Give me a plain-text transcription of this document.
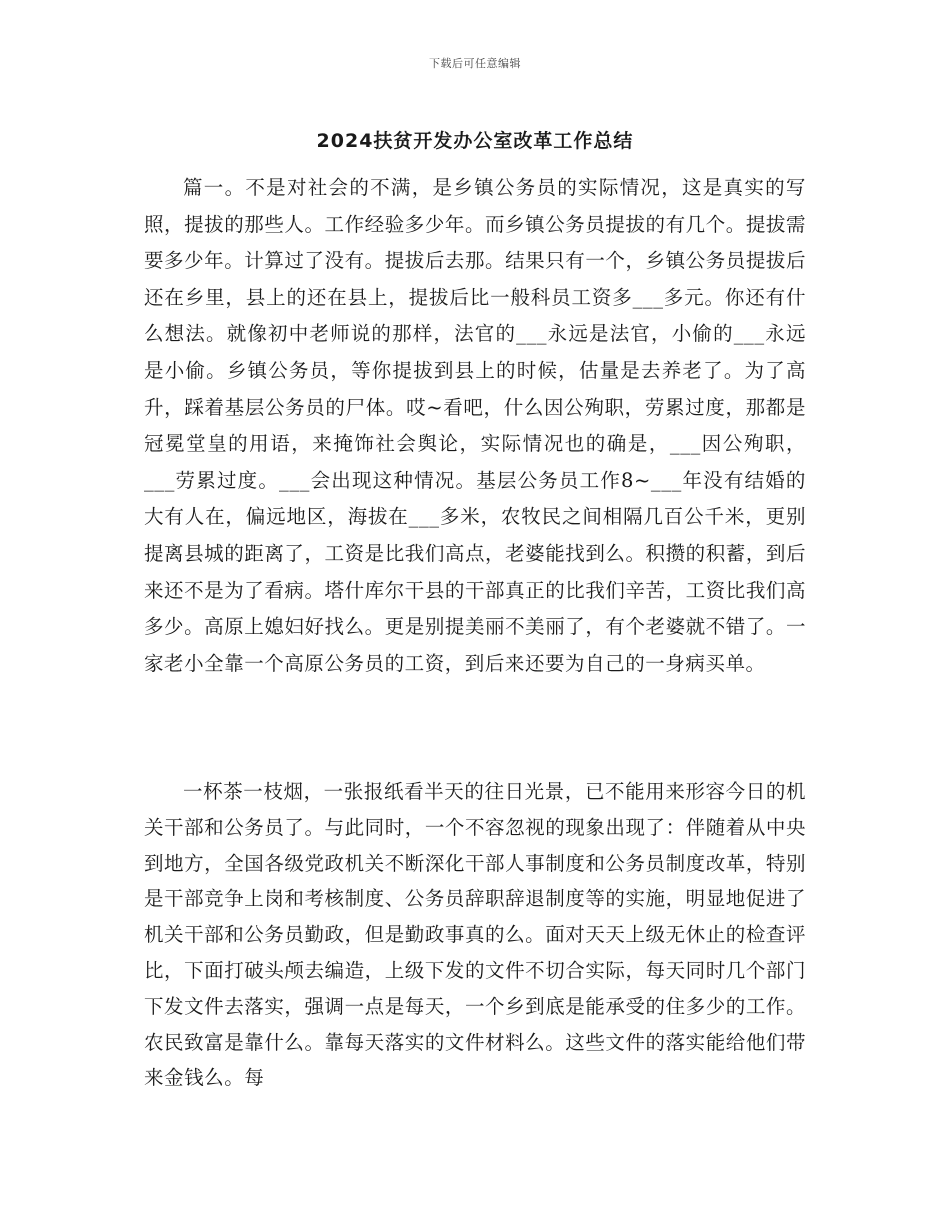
下载后可任意编辑
2024扶贫开发办公室改革工作总结

篇一。不是对社会的不满，是乡镇公务员的实际情况，这是真实的写照，提拔的那些人。工作经验多少年。而乡镇公务员提拔的有几个。提拔需要多少年。计算过了没有。提拔后去那。结果只有一个，乡镇公务员提拔后还在乡里，县上的还在县上，提拔后比一般科员工资多___多元。你还有什么想法。就像初中老师说的那样，法官的___永远是法官，小偷的___永远是小偷。乡镇公务员，等你提拔到县上的时候，估量是去养老了。为了高升，踩着基层公务员的尸体。哎~看吧，什么因公殉职，劳累过度，那都是冠冕堂皇的用语，来掩饰社会舆论，实际情况也的确是，___因公殉职，___劳累过度。___会出现这种情况。基层公务员工作8~___年没有结婚的大有人在，偏远地区，海拔在___多米，农牧民之间相隔几百公千米，更别提离县城的距离了，工资是比我们高点，老婆能找到么。积攒的积蓄，到后来还不是为了看病。塔什库尔干县的干部真正的比我们辛苦，工资比我们高多少。高原上媳妇好找么。更是别提美丽不美丽了，有个老婆就不错了。一家老小全靠一个高原公务员的工资，到后来还要为自己的一身病买单。

一杯茶一枝烟，一张报纸看半天的往日光景，已不能用来形容今日的机关干部和公务员了。与此同时，一个不容忽视的现象出现了：伴随着从中央到地方，全国各级党政机关不断深化干部人事制度和公务员制度改革，特别是干部竞争上岗和考核制度、公务员辞职辞退制度等的实施，明显地促进了机关干部和公务员勤政，但是勤政事真的么。面对天天上级无休止的检查评比，下面打破头颅去编造，上级下发的文件不切合实际，每天同时几个部门下发文件去落实，强调一点是每天，一个乡到底是能承受的住多少的工作。农民致富是靠什么。靠每天落实的文件材料么。这些文件的落实能给他们带来金钱么。每
